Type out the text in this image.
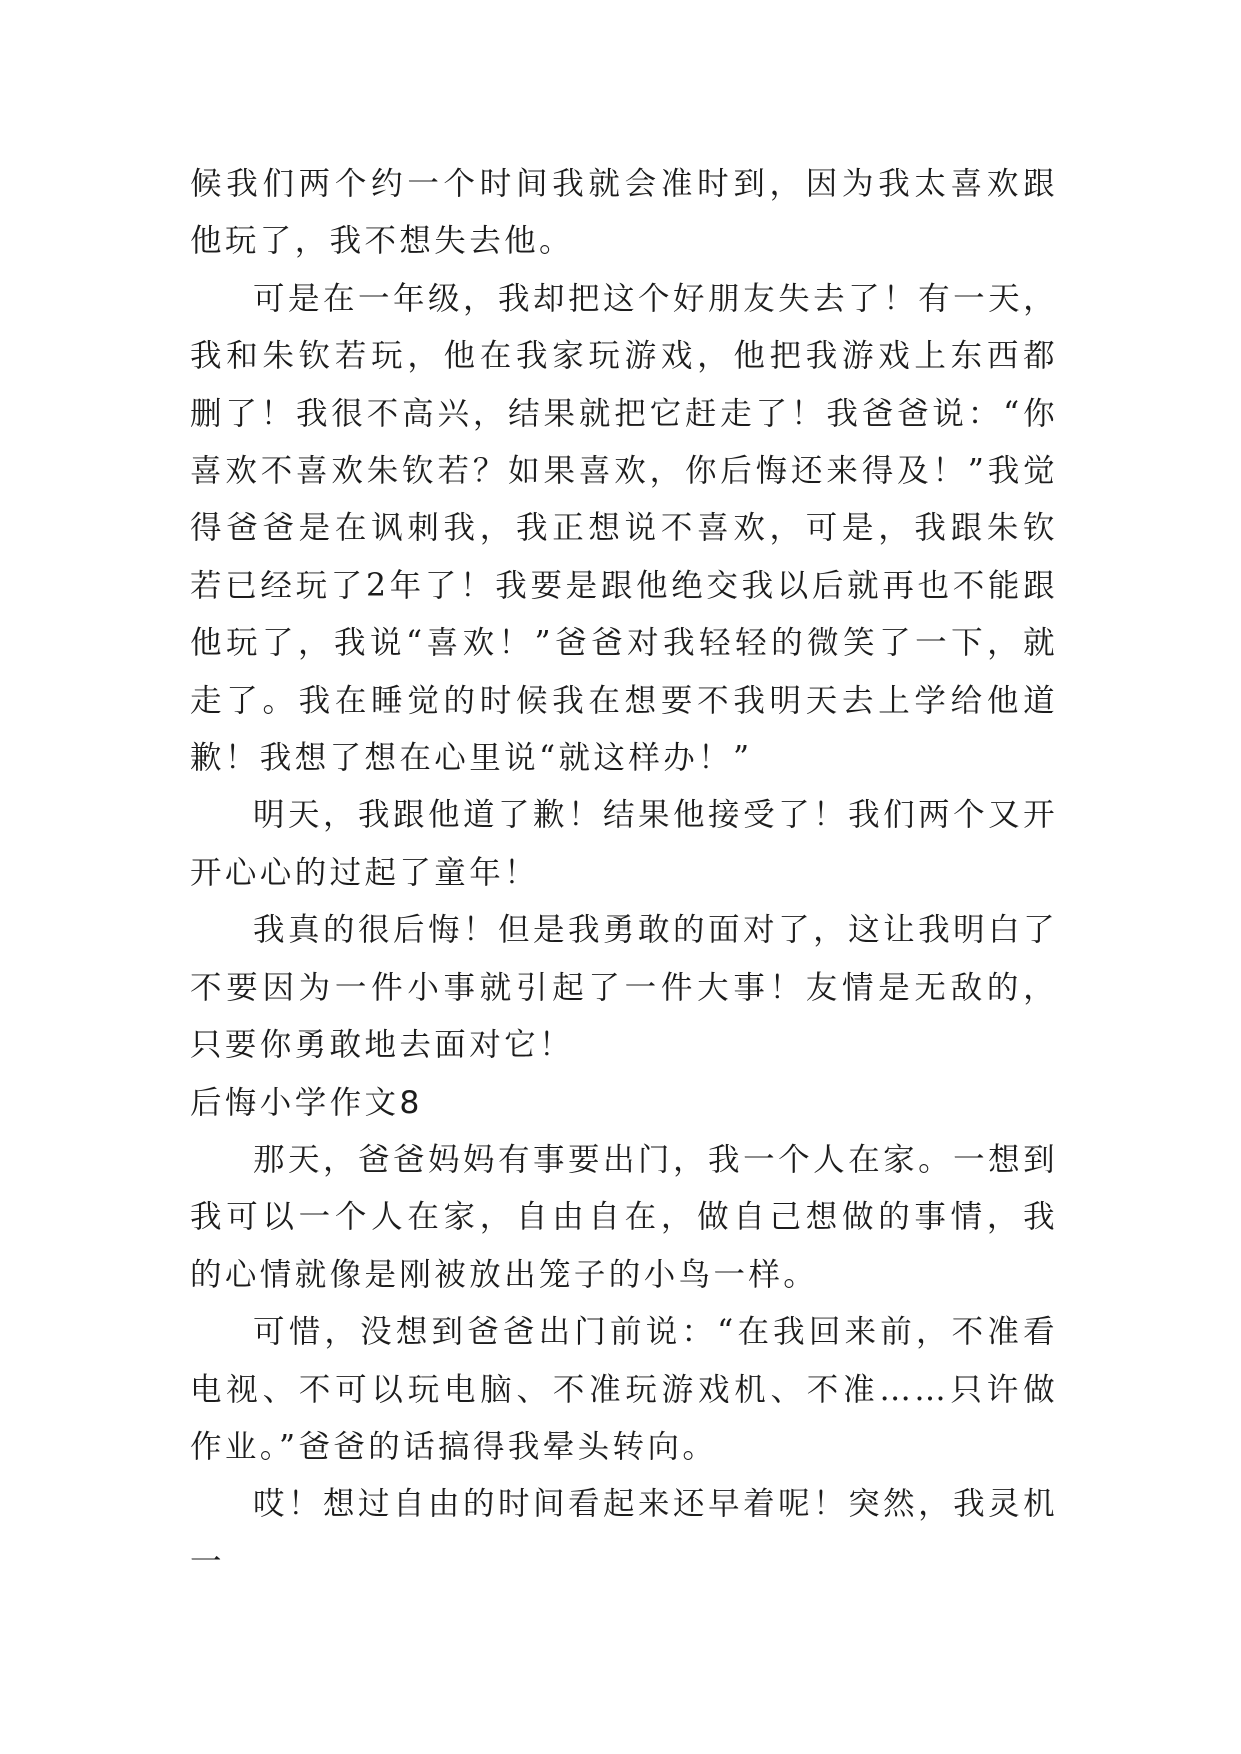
候我们两个约一个时间我就会准时到，因为我太喜欢跟他玩了，我不想失去他。

可是在一年级，我却把这个好朋友失去了！有一天，我和朱钦若玩，他在我家玩游戏，他把我游戏上东西都删了！我很不高兴，结果就把它赶走了！我爸爸说：“你喜欢不喜欢朱钦若？如果喜欢，你后悔还来得及！”我觉得爸爸是在讽刺我，我正想说不喜欢，可是，我跟朱钦若已经玩了2年了！我要是跟他绝交我以后就再也不能跟他玩了，我说“喜欢！”爸爸对我轻轻的微笑了一下，就走了。我在睡觉的时候我在想要不我明天去上学给他道歉！我想了想在心里说“就这样办！”

明天，我跟他道了歉！结果他接受了！我们两个又开开心心的过起了童年！

我真的很后悔！但是我勇敢的面对了，这让我明白了不要因为一件小事就引起了一件大事！友情是无敌的，只要你勇敢地去面对它！

后悔小学作文8

那天，爸爸妈妈有事要出门，我一个人在家。一想到我可以一个人在家，自由自在，做自己想做的事情，我的心情就像是刚被放出笼子的小鸟一样。

可惜，没想到爸爸出门前说：“在我回来前，不准看电视、不可以玩电脑、不准玩游戏机、不准……只许做作业。”爸爸的话搞得我晕头转向。

哎！想过自由的时间看起来还早着呢！突然，我灵机一
